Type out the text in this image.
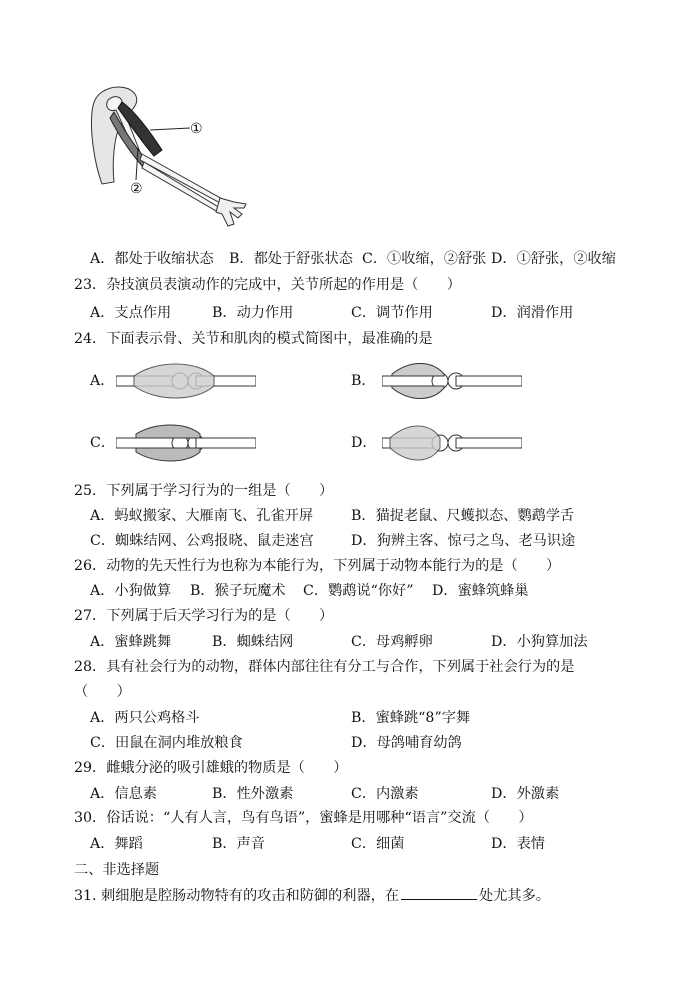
①
②
A．都处于收缩状态 B．都处于舒张状态 C．①收缩，②舒张 D．①舒张，②收缩
23．杂技演员表演动作的完成中，关节所起的作用是（　　）
A．支点作用	B．动力作用	C．调节作用	D．润滑作用
24．下面表示骨、关节和肌肉的模式简图中，最准确的是
A．	B．
C．	D．
25．下列属于学习行为的一组是（　　）
A．蚂蚁搬家、大雁南飞、孔雀开屏	B．猫捉老鼠、尺蠖拟态、鹦鹉学舌
C．蜘蛛结网、公鸡报晓、鼠走迷宫	D．狗辨主客、惊弓之鸟、老马识途
26．动物的先天性行为也称为本能行为，下列属于动物本能行为的是（　　）
A．小狗做算 B．猴子玩魔术 C．鹦鹉说“你好” D．蜜蜂筑蜂巢
27．下列属于后天学习行为的是（　　）
A．蜜蜂跳舞	B．蜘蛛结网	C．母鸡孵卵	D．小狗算加法
28．具有社会行为的动物，群体内部往往有分工与合作，下列属于社会行为的是
（　　）
A．两只公鸡格斗	B．蜜蜂跳“8”字舞
C．田鼠在洞内堆放粮食	D．母鸽哺育幼鸽
29．雌蛾分泌的吸引雄蛾的物质是（　　）
A．信息素	B．性外激素	C．内激素	D．外激素
30．俗话说：“人有人言，鸟有鸟语”，蜜蜂是用哪种“语言”交流（　　）
A．舞蹈	B．声音	C．细菌	D．表情
二、非选择题
31. 刺细胞是腔肠动物特有的攻击和防御的利器，在	处尤其多。
